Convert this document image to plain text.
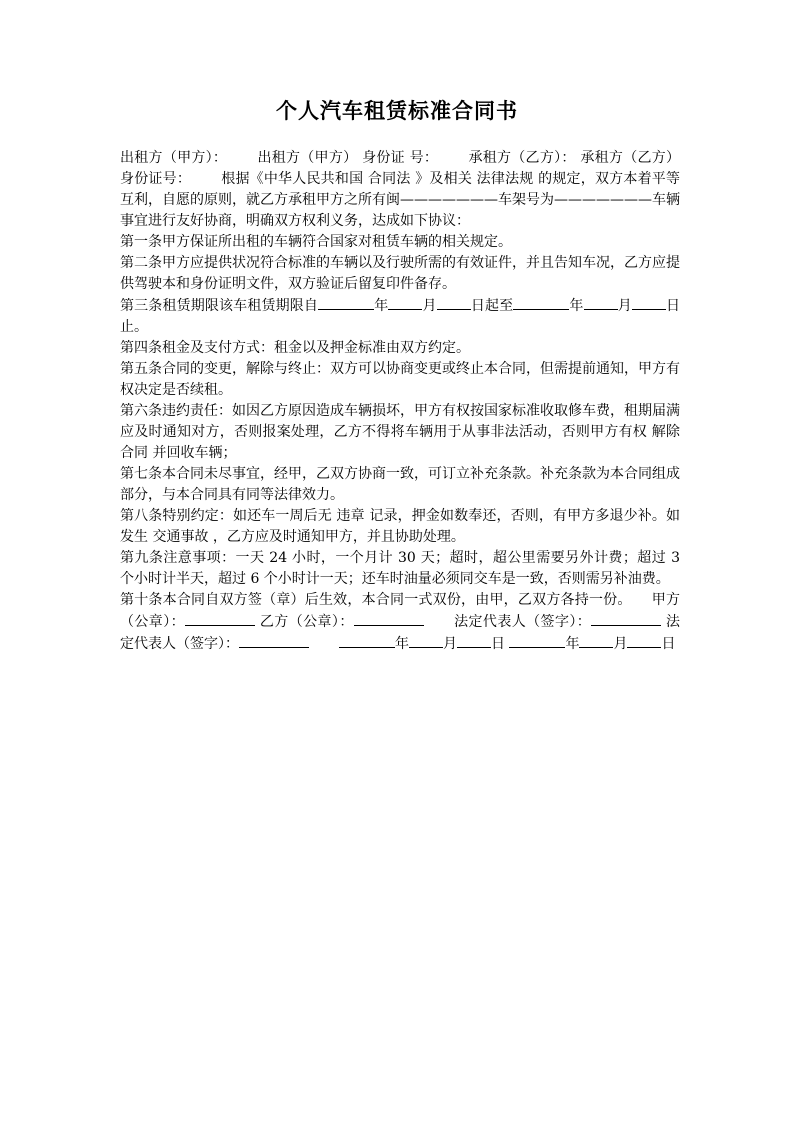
个人汽车租赁标准合同书

出租方（甲方）： 出租方（甲方） 身份证 号： 承租方（乙方）： 承租方（乙方）身份证号： 根据《中华人民共和国 合同法 》及相关 法律法规 的规定，双方本着平等互利，自愿的原则，就乙方承租甲方之所有闽———————车架号为———————车辆事宜进行友好协商，明确双方权利义务，达成如下协议：

第一条甲方保证所出租的车辆符合国家对租赁车辆的相关规定。

第二条甲方应提供状况符合标准的车辆以及行驶所需的有效证件，并且告知车况，乙方应提供驾驶本和身份证明文件，双方验证后留复印件备存。

第三条租赁期限该车租赁期限自	年 月 日起至	年 月 日止。

第四条租金及支付方式：租金以及押金标准由双方约定。

第五条合同的变更，解除与终止：双方可以协商变更或终止本合同，但需提前通知，甲方有权决定是否续租。

第六条违约责任：如因乙方原因造成车辆损坏，甲方有权按国家标准收取修车费，租期届满应及时通知对方，否则报案处理，乙方不得将车辆用于从事非法活动，否则甲方有权 解除合同 并回收车辆；

第七条本合同未尽事宜，经甲，乙双方协商一致，可订立补充条款。补充条款为本合同组成部分，与本合同具有同等法律效力。

第八条特别约定：如还车一周后无 违章 记录，押金如数奉还，否则，有甲方多退少补。如发生 交通事故 ，乙方应及时通知甲方，并且协助处理。

第九条注意事项：一天 24 小时，一个月计 30 天；超时，超公里需要另外计费；超过 3 个小时计半天，超过 6 个小时计一天；还车时油量必须同交车是一致，否则需另补油费。

第十条本合同自双方签（章）后生效，本合同一式双份，由甲，乙双方各持一份。 甲方（公章）：	乙方（公章）：	法定代表人（签字）：	法定代表人（签字）：	年 月 日	年 月 日
